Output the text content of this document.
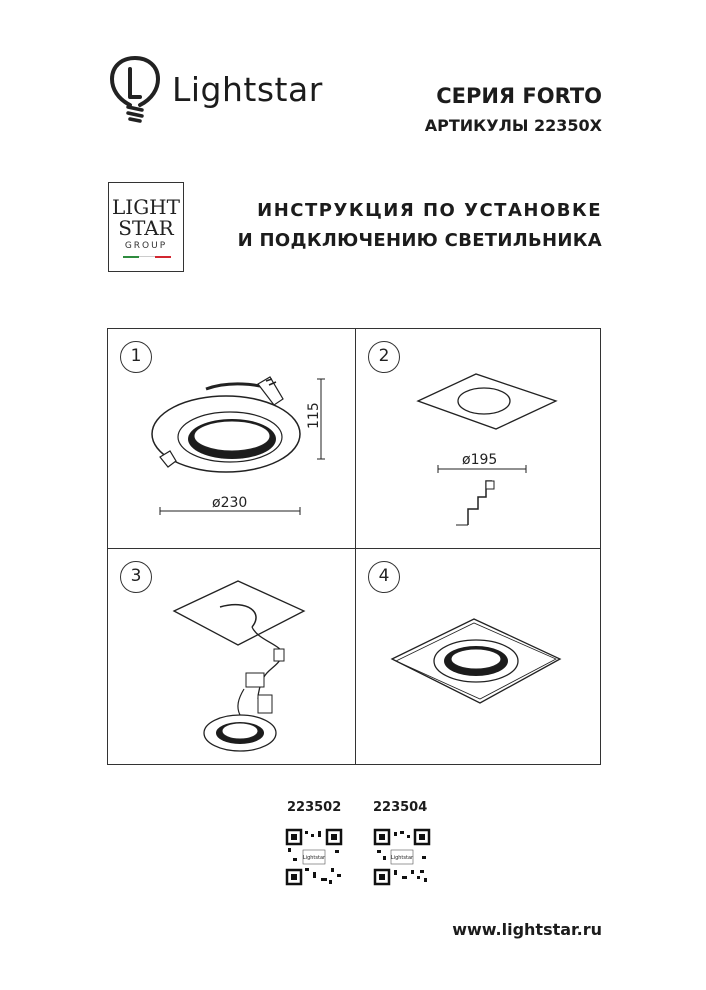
Lightstar	СЕРИЯ FORTO
АРТИКУЛЫ 22350X
LIGHT
STAR
GROUP
ИНСТРУКЦИЯ ПО УСТАНОВКЕ
И ПОДКЛЮЧЕНИЮ СВЕТИЛЬНИКА
1
115
ø230
2
ø195
3	4
223502 223504
Lightstar	Lightstar
www.lightstar.ru
